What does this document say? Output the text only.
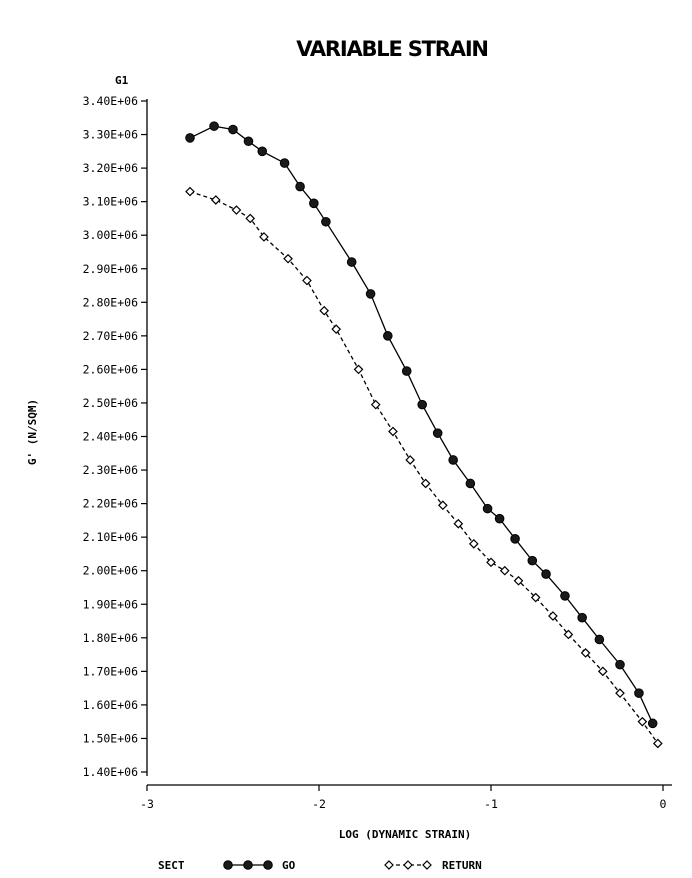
VARIABLE STRAIN
G1
1.40E+06
1.50E+06
1.60E+06
1.70E+06
1.80E+06
1.90E+06
2.00E+06
2.10E+06
2.20E+06
2.30E+06
2.40E+06
2.50E+06
2.60E+06
2.70E+06
2.80E+06
2.90E+06
3.00E+06
3.10E+06
3.20E+06
3.30E+06
3.40E+06
-3	-2	-1	0
G' (N/SQM)
LOG (DYNAMIC STRAIN)
SECT	GO	RETURN
